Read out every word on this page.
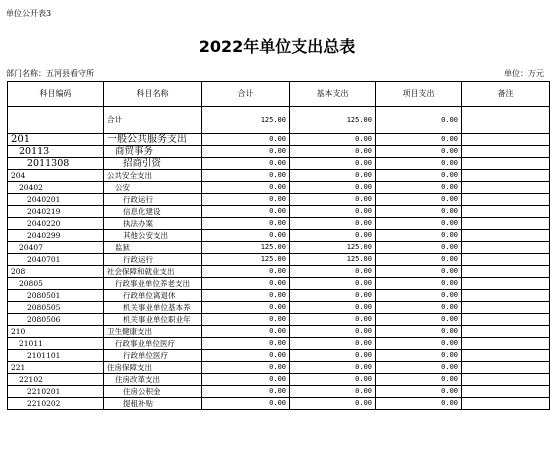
单位公开表3
2022年单位支出总表
部门名称：五河县看守所	单位：万元
科目编码	科目名称	合计	基本支出	项目支出	备注
	合计	125.00	125.00	0.00	
201	一般公共服务支出	0.00	0.00	0.00	
20113	商贸事务	0.00	0.00	0.00	
2011308	招商引资	0.00	0.00	0.00	
204	公共安全支出	0.00	0.00	0.00	
20402	公安	0.00	0.00	0.00	
2040201	行政运行	0.00	0.00	0.00	
2040219	信息化建设	0.00	0.00	0.00	
2040220	执法办案	0.00	0.00	0.00	
2040299	其他公安支出	0.00	0.00	0.00	
20407	监狱	125.00	125.00	0.00	
2040701	行政运行	125.00	125.00	0.00	
208	社会保障和就业支出	0.00	0.00	0.00	
20805	行政事业单位养老支出	0.00	0.00	0.00	
2080501	行政单位离退休	0.00	0.00	0.00	
2080505	机关事业单位基本养	0.00	0.00	0.00	
2080506	机关事业单位职业年	0.00	0.00	0.00	
210	卫生健康支出	0.00	0.00	0.00	
21011	行政事业单位医疗	0.00	0.00	0.00	
2101101	行政单位医疗	0.00	0.00	0.00	
221	住房保障支出	0.00	0.00	0.00	
22102	住房改革支出	0.00	0.00	0.00	
2210201	住房公积金	0.00	0.00	0.00	
2210202	提租补贴	0.00	0.00	0.00	
